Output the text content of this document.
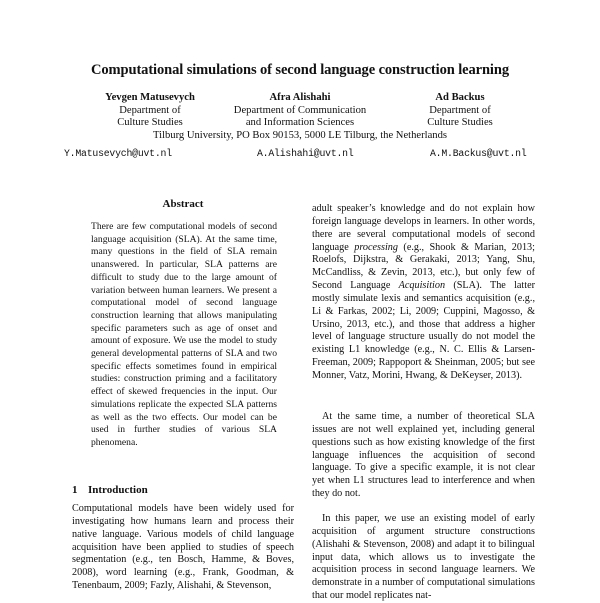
Computational simulations of second language construction learning
Yevgen Matusevych
Department of
Culture Studies
Afra Alishahi
Department of Communication
and Information Sciences
Ad Backus
Department of
Culture Studies
Tilburg University, PO Box 90153, 5000 LE Tilburg, the Netherlands
Y.Matusevych@uvt.nl	A.Alishahi@uvt.nl	A.M.Backus@uvt.nl
Abstract
There are few computational models of second language acquisition (SLA). At the same time, many questions in the field of SLA remain unanswered. In particular, SLA patterns are difficult to study due to the large amount of variation between human learners. We present a computational model of second language construction learning that allows manipulating specific parameters such as age of onset and amount of exposure. We use the model to study general developmental patterns of SLA and two specific effects sometimes found in empirical studies: construction priming and a facilitatory effect of skewed frequencies in the input. Our simulations replicate the expected SLA patterns as well as the two effects. Our model can be used in further studies of various SLA phenomena.
1 Introduction
Computational models have been widely used for investigating how humans learn and process their native language. Various models of child language acquisition have been applied to studies of speech segmentation (e.g., ten Bosch, Hamme, & Boves, 2008), word learning (e.g., Frank, Goodman, & Tenenbaum, 2009; Fazly, Alishahi, & Stevenson,
adult speaker’s knowledge and do not explain how foreign language develops in learners. In other words, there are several computational models of second language processing (e.g., Shook & Marian, 2013; Roelofs, Dijkstra, & Gerakaki, 2013; Yang, Shu, McCandliss, & Zevin, 2013, etc.), but only few of Second Language Acquisition (SLA). The latter mostly simulate lexis and semantics acquisition (e.g., Li & Farkas, 2002; Li, 2009; Cuppini, Magosso, & Ursino, 2013, etc.), and those that address a higher level of language structure usually do not model the existing L1 knowledge (e.g., N. C. Ellis & Larsen-Freeman, 2009; Rappoport & Sheinman, 2005; but see Monner, Vatz, Morini, Hwang, & DeKeyser, 2013).
At the same time, a number of theoretical SLA issues are not well explained yet, including general questions such as how existing knowledge of the first language influences the acquisition of second language. To give a specific example, it is not clear yet when L1 structures lead to interference and when they do not.
In this paper, we use an existing model of early acquisition of argument structure constructions (Alishahi & Stevenson, 2008) and adapt it to bilingual input data, which allows us to investigate the acquisition process in second language learners. We demonstrate in a number of computational simulations that our model replicates nat-
